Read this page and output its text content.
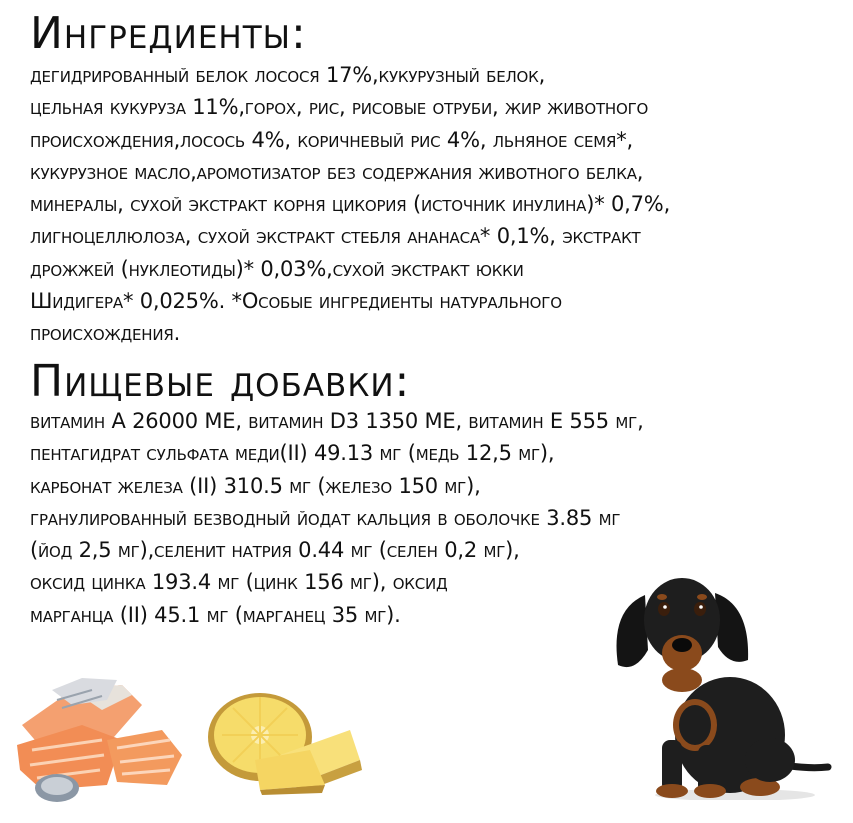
Ингредиенты:
дегидрированный белок лосося 17%,кукурузный белок,
цельная кукуруза 11%,горох, рис, рисовые отруби, жир животного
происхождения,лосось 4%, коричневый рис 4%, льняное семя*,
кукурузное масло,аромотизатор без содержания животного белка,
минералы, сухой экстракт корня цикория (источник инулина)* 0,7%,
лигноцеллюлоза, сухой экстракт стебля ананаса* 0,1%, экстракт
дрожжей (нуклеотиды)* 0,03%,сухой экстракт юкки
Шидигера* 0,025%. *Особые ингредиенты натурального
происхождения.
Пищевые добавки:
витамин А 26000 МЕ, витамин D3 1350 МЕ, витамин Е 555 мг,
пентагидрат сульфата меди(II) 49.13 мг (медь 12,5 мг),
карбонат железа (II) 310.5 мг (железо 150 мг),
гранулированный безводный йодат кальция в оболочке 3.85 мг
(йод 2,5 мг),селенит натрия 0.44 мг (селен 0,2 мг),
оксид цинка 193.4 мг (цинк 156 мг), оксид
марганца (II) 45.1 мг (марганец 35 мг).
